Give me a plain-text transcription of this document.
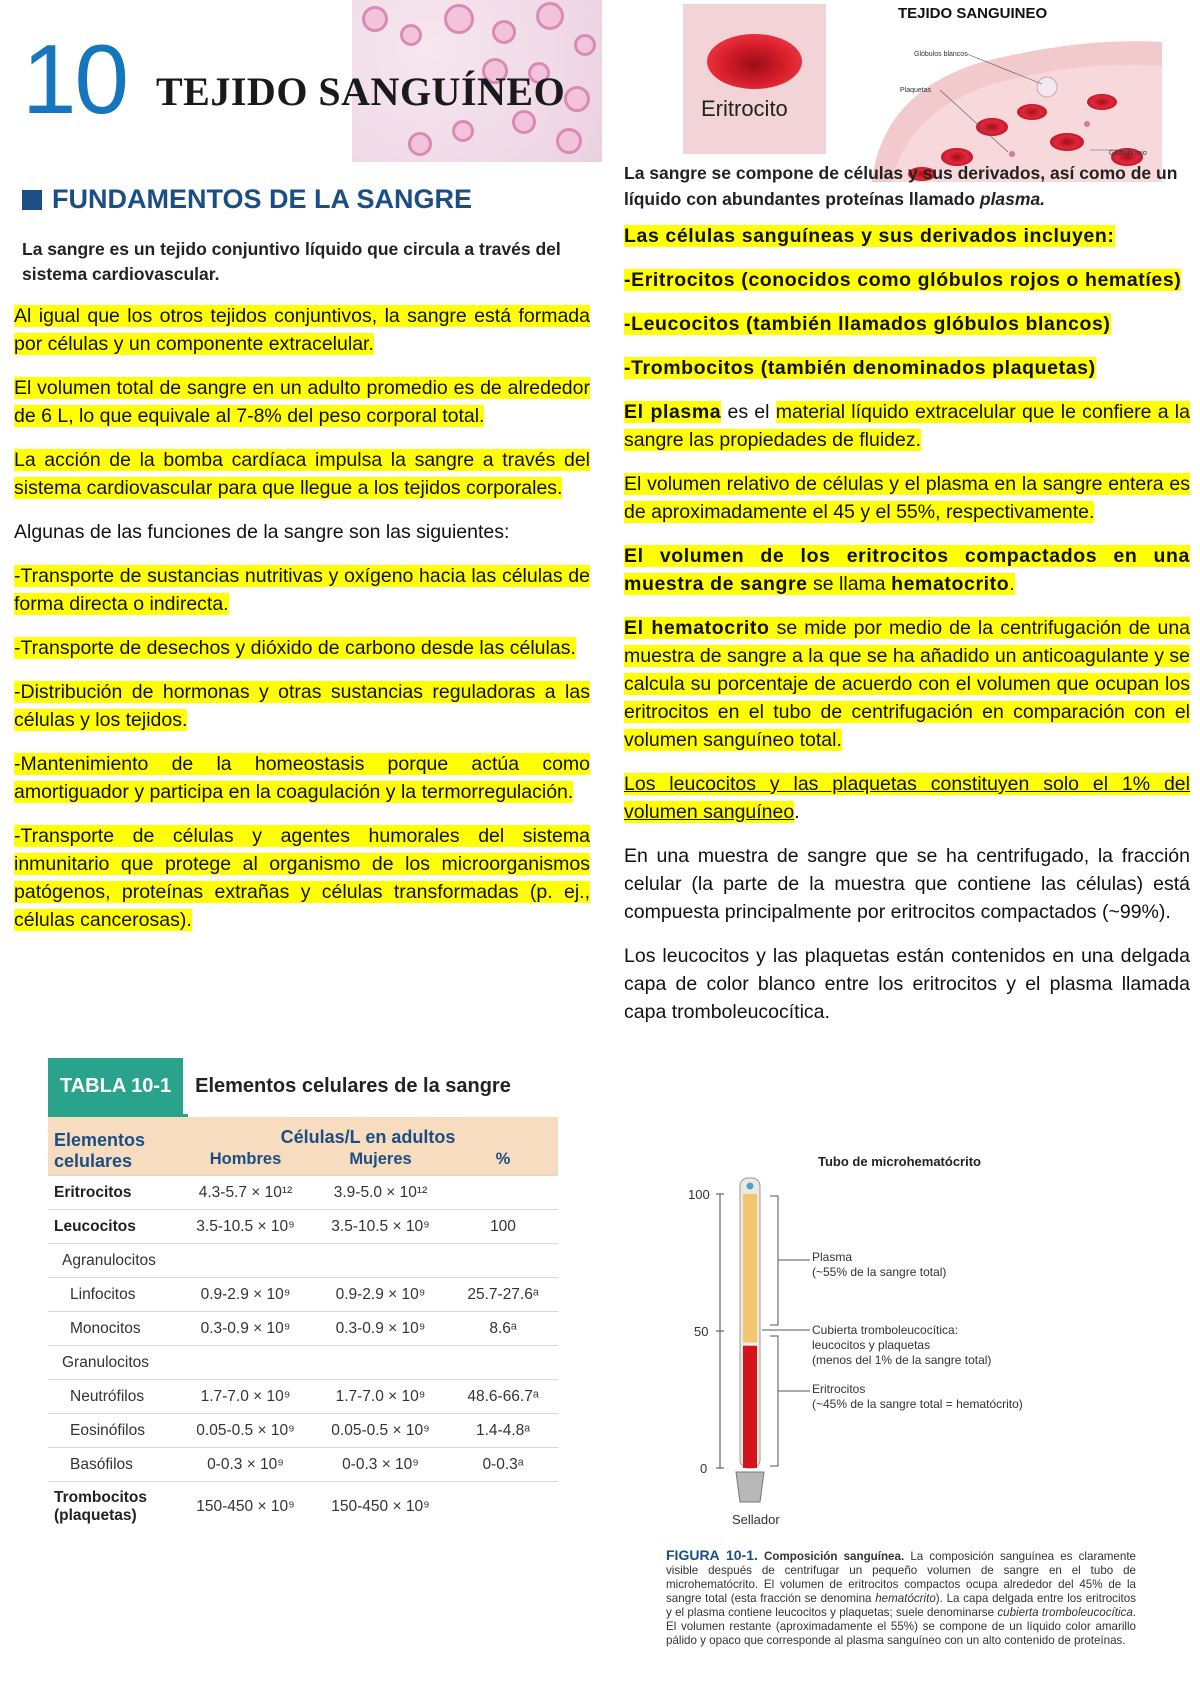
10 TEJIDO SANGUÍNEO
FUNDAMENTOS DE LA SANGRE
La sangre es un tejido conjuntivo líquido que circula a través del sistema cardiovascular.

Al igual que los otros tejidos conjuntivos, la sangre está formada por células y un componente extracelular.

El volumen total de sangre en un adulto promedio es de alrededor de 6 L, lo que equivale al 7-8% del peso corporal total.

La acción de la bomba cardíaca impulsa la sangre a través del sistema cardiovascular para que llegue a los tejidos corporales.

Algunas de las funciones de la sangre son las siguientes:

-Transporte de sustancias nutritivas y oxígeno hacia las células de forma directa o indirecta.

-Transporte de desechos y dióxido de carbono desde las células.

-Distribución de hormonas y otras sustancias reguladoras a las células y los tejidos.

-Mantenimiento de la homeostasis porque actúa como amortiguador y participa en la coagulación y la termorregulación.

-Transporte de células y agentes humorales del sistema inmunitario que protege al organismo de los microorganismos patógenos, proteínas extrañas y células transformadas (p. ej., células cancerosas).

Eritrocito
TEJIDO SANGUINEO
Glóbulos blancos
Plaquetas
Glóbulo rojo
La sangre se compone de células y sus derivados, así como de un líquido con abundantes proteínas llamado plasma.

Las células sanguíneas y sus derivados incluyen:

-Eritrocitos (conocidos como glóbulos rojos o hematíes)

-Leucocitos (también llamados glóbulos blancos)

-Trombocitos (también denominados plaquetas)

El plasma es el material líquido extracelular que le confiere a la sangre las propiedades de fluidez.

El volumen relativo de células y el plasma en la sangre entera es de aproximadamente el 45 y el 55%, respectivamente.

El volumen de los eritrocitos compactados en una muestra de sangre se llama hematocrito.

El hematocrito se mide por medio de la centrifugación de una muestra de sangre a la que se ha añadido un anticoagulante y se calcula su porcentaje de acuerdo con el volumen que ocupan los eritrocitos en el tubo de centrifugación en comparación con el volumen sanguíneo total.

Los leucocitos y las plaquetas constituyen solo el 1% del volumen sanguíneo.

En una muestra de sangre que se ha centrifugado, la fracción celular (la parte de la muestra que contiene las células) está compuesta principalmente por eritrocitos compactados (~99%).

Los leucocitos y las plaquetas están contenidos en una delgada capa de color blanco entre los eritrocitos y el plasma llamada capa tromboleucocítica.

TABLA 10-1	Elementos celulares de la sangre
Elementos celulares	Células/L en adultos		
	Hombres	Mujeres	%
Eritrocitos	4.3-5.7 × 10¹²	3.9-5.0 × 10¹²	
Leucocitos	3.5-10.5 × 10⁹	3.5-10.5 × 10⁹	100
Agranulocitos			
Linfocitos	0.9-2.9 × 10⁹	0.9-2.9 × 10⁹	25.7-27.6ᵃ
Monocitos	0.3-0.9 × 10⁹	0.3-0.9 × 10⁹	8.6ᵃ
Granulocitos			
Neutrófilos	1.7-7.0 × 10⁹	1.7-7.0 × 10⁹	48.6-66.7ᵃ
Eosinófilos	0.05-0.5 × 10⁹	0.05-0.5 × 10⁹	1.4-4.8ᵃ
Basófilos	0-0.3 × 10⁹	0-0.3 × 10⁹	0-0.3ᵃ
Trombocitos (plaquetas)	150-450 × 10⁹	150-450 × 10⁹	
Tubo de microhematócrito
100
50
0
Sellador
Plasma
(~55% de la sangre total)
Cubierta tromboleucocítica:
leucocitos y plaquetas
(menos del 1% de la sangre total)
Eritrocitos
(~45% de la sangre total = hematócrito)
FIGURA 10-1. Composición sanguínea. La composición sanguínea es claramente visible después de centrifugar un pequeño volumen de sangre en el tubo de microhematócrito. El volumen de eritrocitos compactos ocupa alrededor del 45% de la sangre total (esta fracción se denomina hematócrito). La capa delgada entre los eritrocitos y el plasma contiene leucocitos y plaquetas; suele denominarse cubierta tromboleucocítica. El volumen restante (aproximadamente el 55%) se compone de un líquido color amarillo pálido y opaco que corresponde al plasma sanguíneo con un alto contenido de proteínas.
